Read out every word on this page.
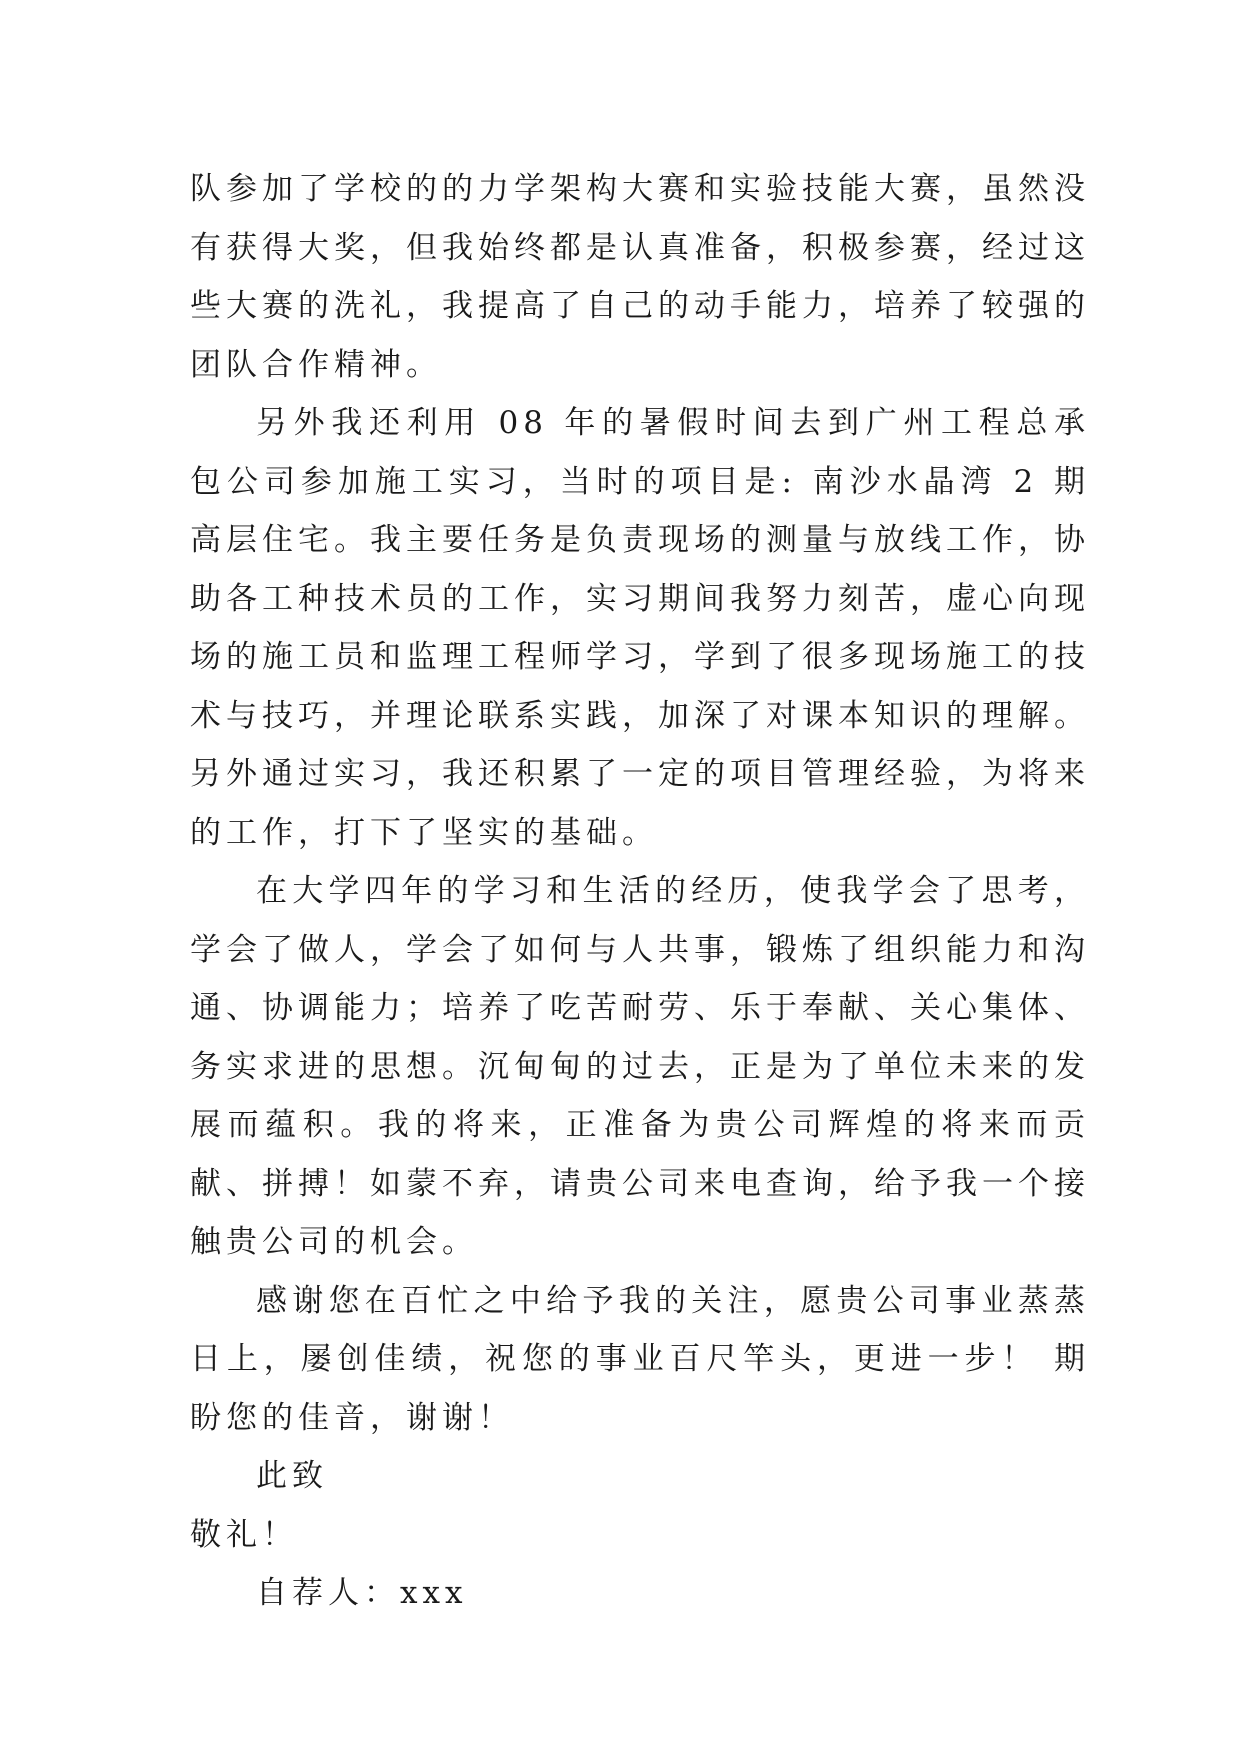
队参加了学校的的力学架构大赛和实验技能大赛，虽然没有获得大奖，但我始终都是认真准备，积极参赛，经过这些大赛的洗礼，我提高了自己的动手能力，培养了较强的团队合作精神。

另外我还利用 08 年的暑假时间去到广州工程总承包公司参加施工实习，当时的项目是: 南沙水晶湾 2 期高层住宅。我主要任务是负责现场的测量与放线工作，协助各工种技术员的工作，实习期间我努力刻苦，虚心向现场的施工员和监理工程师学习，学到了很多现场施工的技术与技巧，并理论联系实践，加深了对课本知识的理解。另外通过实习，我还积累了一定的项目管理经验，为将来的工作，打下了坚实的基础。

在大学四年的学习和生活的经历，使我学会了思考，学会了做人，学会了如何与人共事，锻炼了组织能力和沟通、协调能力；培养了吃苦耐劳、乐于奉献、关心集体、务实求进的思想。沉甸甸的过去，正是为了单位未来的发展而蕴积。我的将来，正准备为贵公司辉煌的将来而贡献、拼搏！如蒙不弃，请贵公司来电查询，给予我一个接触贵公司的机会。

感谢您在百忙之中给予我的关注，愿贵公司事业蒸蒸日上，屡创佳绩，祝您的事业百尺竿头，更进一步！ 期盼您的佳音，谢谢！

此致

敬礼！

自荐人：xxx
